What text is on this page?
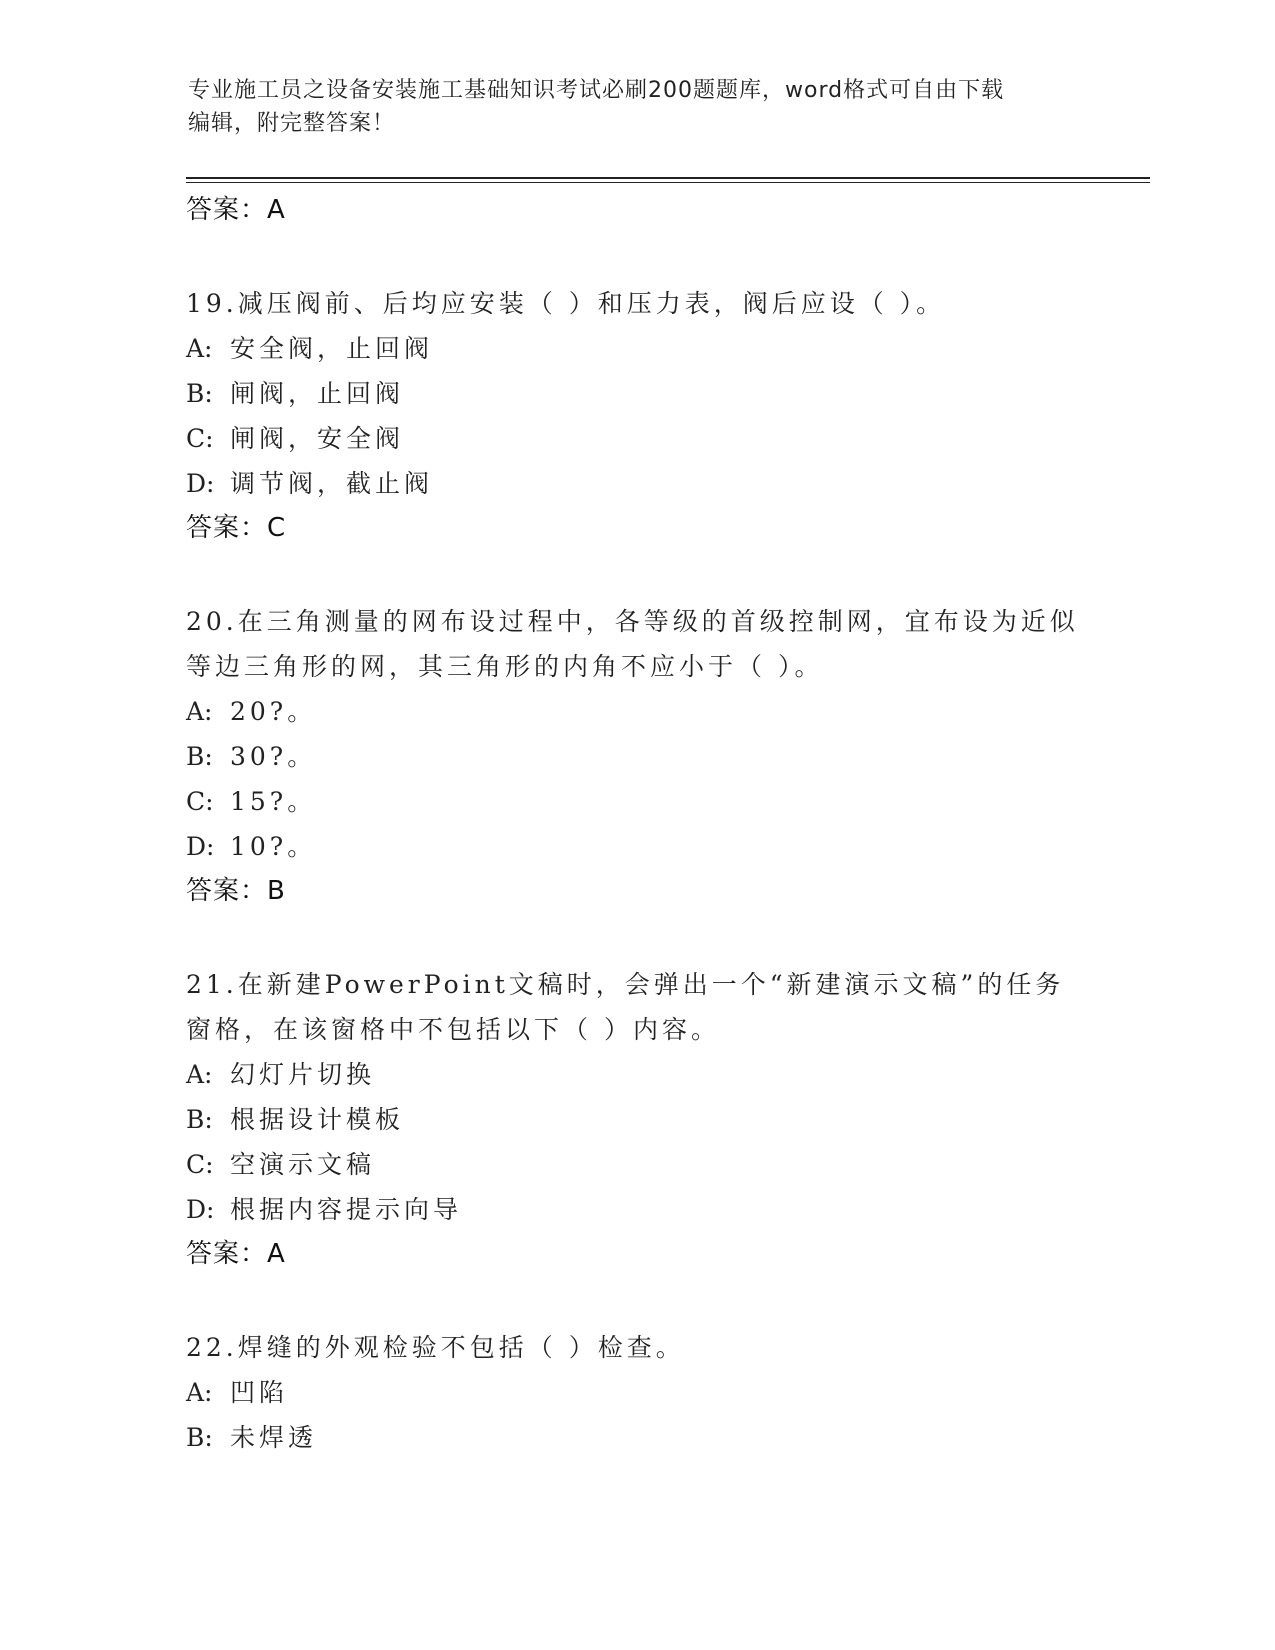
专业施工员之设备安装施工基础知识考试必刷200题题库，word格式可自由下载
编辑，附完整答案！
答案：A
19.减压阀前、后均应安装（ ）和压力表，阀后应设（ ）。
A: 安全阀，止回阀
B: 闸阀，止回阀
C: 闸阀，安全阀
D: 调节阀，截止阀
答案：C
20.在三角测量的网布设过程中，各等级的首级控制网，宜布设为近似等边三角形的网，其三角形的内角不应小于（ ）。
A: 20?。
B: 30?。
C: 15?。
D: 10?。
答案：B
21.在新建PowerPoint文稿时，会弹出一个“新建演示文稿”的任务窗格，在该窗格中不包括以下（ ）内容。
A: 幻灯片切换
B: 根据设计模板
C: 空演示文稿
D: 根据内容提示向导
答案：A
22.焊缝的外观检验不包括（ ）检查。
A: 凹陷
B: 未焊透
